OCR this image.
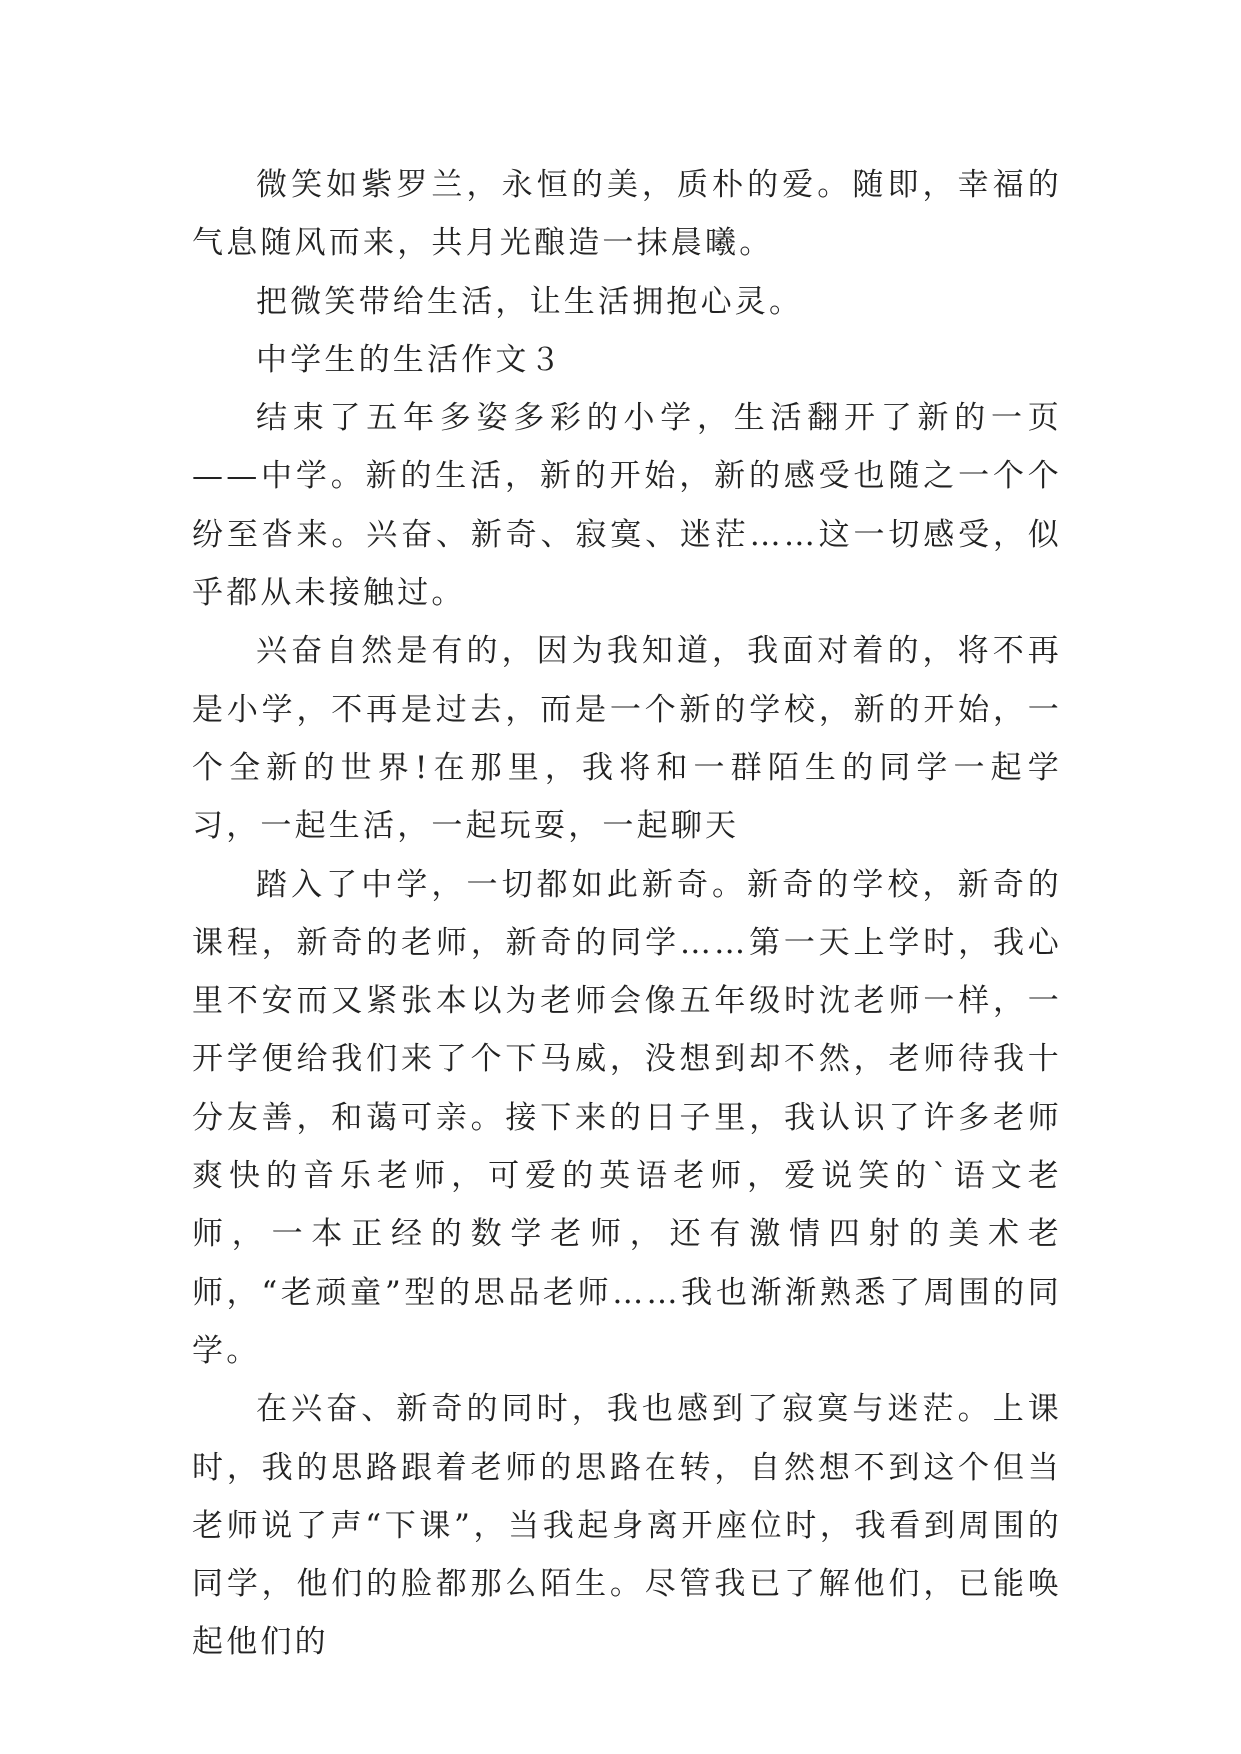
微笑如紫罗兰，永恒的美，质朴的爱。随即，幸福的气息随风而来，共月光酿造一抹晨曦。

把微笑带给生活，让生活拥抱心灵。

中学生的生活作文３

结束了五年多姿多彩的小学，生活翻开了新的一页——中学。新的生活，新的开始，新的感受也随之一个个纷至沓来。兴奋、新奇、寂寞、迷茫……这一切感受，似乎都从未接触过。

兴奋自然是有的，因为我知道，我面对着的，将不再是小学，不再是过去，而是一个新的学校，新的开始，一个全新的世界!在那里，我将和一群陌生的同学一起学习，一起生活，一起玩耍，一起聊天

踏入了中学，一切都如此新奇。新奇的学校，新奇的课程，新奇的老师，新奇的同学……第一天上学时，我心里不安而又紧张本以为老师会像五年级时沈老师一样，一开学便给我们来了个下马威，没想到却不然，老师待我十分友善，和蔼可亲。接下来的日子里，我认识了许多老师爽快的音乐老师，可爱的英语老师，爱说笑的`语文老师，一本正经的数学老师，还有激情四射的美术老师，“老顽童”型的思品老师……我也渐渐熟悉了周围的同学。

在兴奋、新奇的同时，我也感到了寂寞与迷茫。上课时，我的思路跟着老师的思路在转，自然想不到这个但当老师说了声“下课”，当我起身离开座位时，我看到周围的同学，他们的脸都那么陌生。尽管我已了解他们，已能唤起他们的
